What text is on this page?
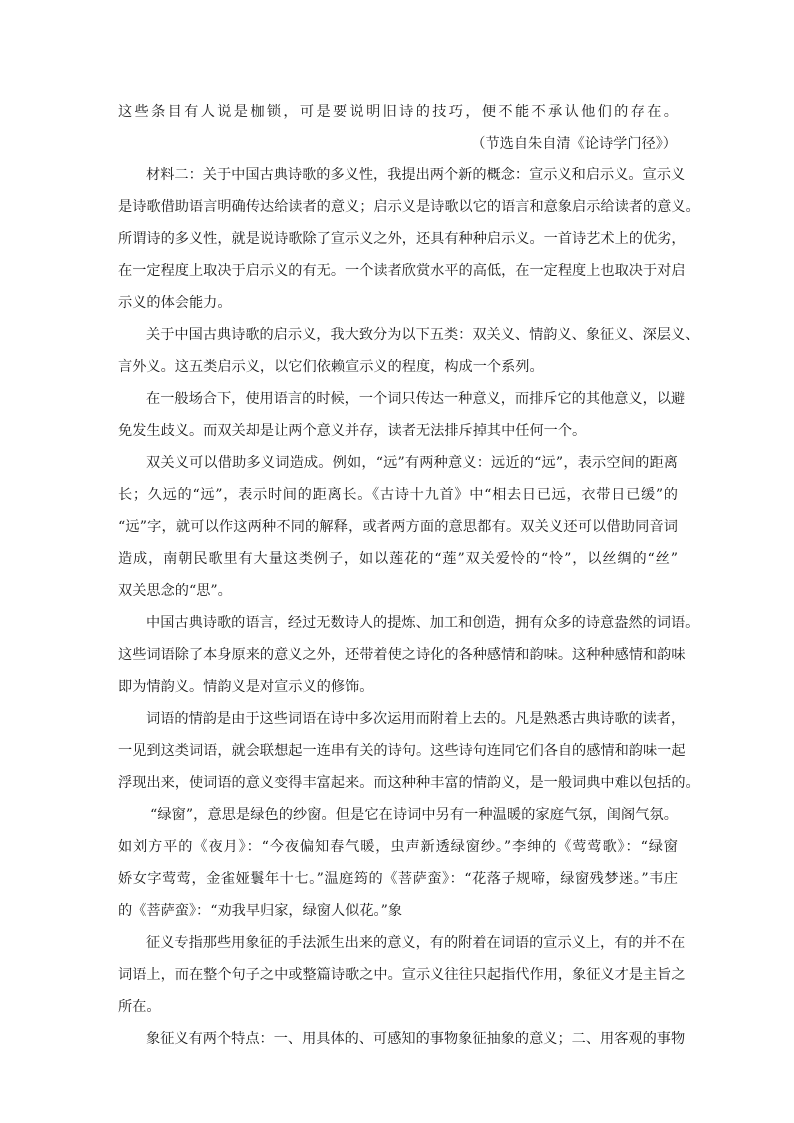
这些条目有人说是枷锁，可是要说明旧诗的技巧，便不能不承认他们的存在。
（节选自朱自清《论诗学门径》）
材料二：关于中国古典诗歌的多义性，我提出两个新的概念：宣示义和启示义。宣示义
是诗歌借助语言明确传达给读者的意义；启示义是诗歌以它的语言和意象启示给读者的意义。
所谓诗的多义性，就是说诗歌除了宣示义之外，还具有种种启示义。一首诗艺术上的优劣，
在一定程度上取决于启示义的有无。一个读者欣赏水平的高低，在一定程度上也取决于对启
示义的体会能力。
关于中国古典诗歌的启示义，我大致分为以下五类：双关义、情韵义、象征义、深层义、
言外义。这五类启示义，以它们依赖宣示义的程度，构成一个系列。
在一般场合下，使用语言的时候，一个词只传达一种意义，而排斥它的其他意义，以避
免发生歧义。而双关却是让两个意义并存，读者无法排斥掉其中任何一个。
双关义可以借助多义词造成。例如，“远”有两种意义：远近的“远”，表示空间的距离
长；久远的“远”，表示时间的距离长。《古诗十九首》中“相去日已远，衣带日已缓”的
“远”字，就可以作这两种不同的解释，或者两方面的意思都有。双关义还可以借助同音词
造成，南朝民歌里有大量这类例子，如以莲花的“莲”双关爱怜的“怜”，以丝绸的“丝”
双关思念的“思”。
中国古典诗歌的语言，经过无数诗人的提炼、加工和创造，拥有众多的诗意盎然的词语。
这些词语除了本身原来的意义之外，还带着使之诗化的各种感情和韵味。这种种感情和韵味
即为情韵义。情韵义是对宣示义的修饰。
词语的情韵是由于这些词语在诗中多次运用而附着上去的。凡是熟悉古典诗歌的读者，
一见到这类词语，就会联想起一连串有关的诗句。这些诗句连同它们各自的感情和韵味一起
浮现出来，使词语的意义变得丰富起来。而这种种丰富的情韵义，是一般词典中难以包括的。
“绿窗”，意思是绿色的纱窗。但是它在诗词中另有一种温暖的家庭气氛，闺阁气氛。
如刘方平的《夜月》：“今夜偏知春气暖，虫声新透绿窗纱。”李绅的《莺莺歌》：“绿窗
娇女字莺莺，金雀娅鬟年十七。”温庭筠的《菩萨蛮》：“花落子规啼，绿窗残梦迷。”韦庄
的《菩萨蛮》：“劝我早归家，绿窗人似花。”象
征义专指那些用象征的手法派生出来的意义，有的附着在词语的宣示义上，有的并不在
词语上，而在整个句子之中或整篇诗歌之中。宣示义往往只起指代作用，象征义才是主旨之
所在。
象征义有两个特点：一、用具体的、可感知的事物象征抽象的意义；二、用客观的事物
